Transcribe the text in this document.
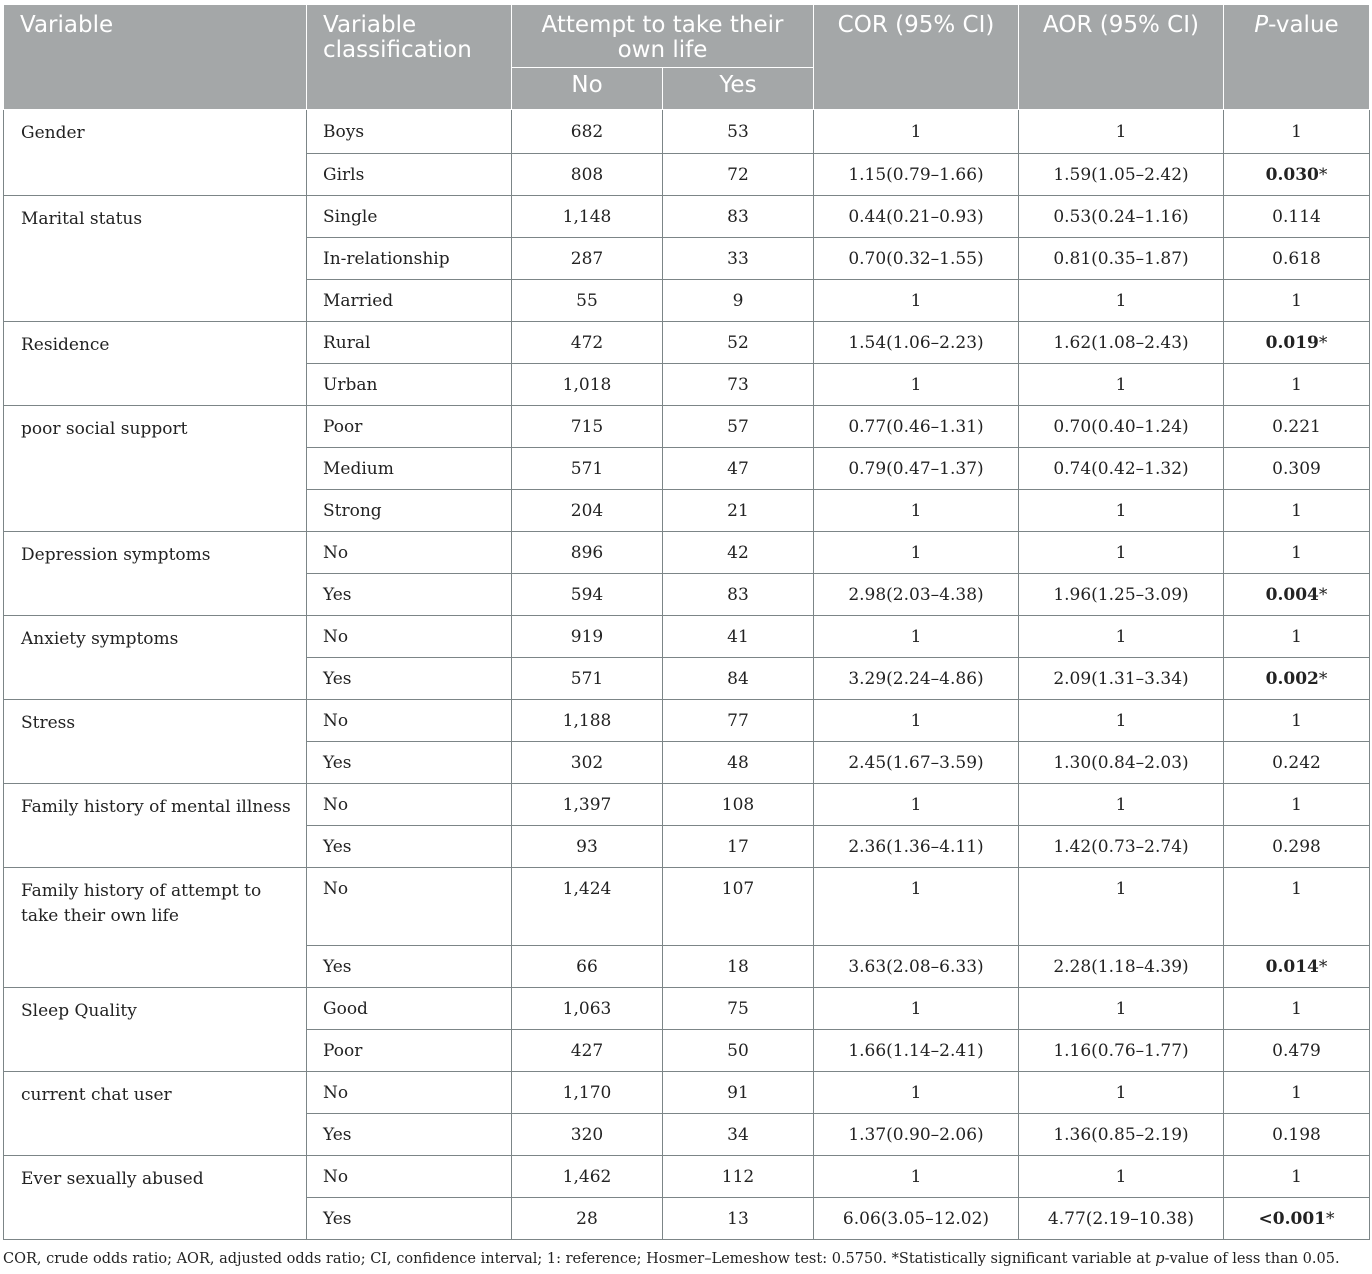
Variable	Variable classification	Attempt to take their own life		COR (95% CI)	AOR (95% CI)	P-value
		No	Yes			
Gender	Boys	682	53	1	1	1
	Girls	808	72	1.15(0.79–1.66)	1.59(1.05–2.42)	0.030*
Marital status	Single	1,148	83	0.44(0.21–0.93)	0.53(0.24–1.16)	0.114
	In-relationship	287	33	0.70(0.32–1.55)	0.81(0.35–1.87)	0.618
	Married	55	9	1	1	1
Residence	Rural	472	52	1.54(1.06–2.23)	1.62(1.08–2.43)	0.019*
	Urban	1,018	73	1	1	1
poor social support	Poor	715	57	0.77(0.46–1.31)	0.70(0.40–1.24)	0.221
	Medium	571	47	0.79(0.47–1.37)	0.74(0.42–1.32)	0.309
	Strong	204	21	1	1	1
Depression symptoms	No	896	42	1	1	1
	Yes	594	83	2.98(2.03–4.38)	1.96(1.25–3.09)	0.004*
Anxiety symptoms	No	919	41	1	1	1
	Yes	571	84	3.29(2.24–4.86)	2.09(1.31–3.34)	0.002*
Stress	No	1,188	77	1	1	1
	Yes	302	48	2.45(1.67–3.59)	1.30(0.84–2.03)	0.242
Family history of mental illness	No	1,397	108	1	1	1
	Yes	93	17	2.36(1.36–4.11)	1.42(0.73–2.74)	0.298
Family history of attempt to take their own life	No	1,424	107	1	1	1
	Yes	66	18	3.63(2.08–6.33)	2.28(1.18–4.39)	0.014*
Sleep Quality	Good	1,063	75	1	1	1
	Poor	427	50	1.66(1.14–2.41)	1.16(0.76–1.77)	0.479
current chat user	No	1,170	91	1	1	1
	Yes	320	34	1.37(0.90–2.06)	1.36(0.85–2.19)	0.198
Ever sexually abused	No	1,462	112	1	1	1
	Yes	28	13	6.06(3.05–12.02)	4.77(2.19–10.38)	<0.001*
COR, crude odds ratio; AOR, adjusted odds ratio; CI, confidence interval; 1: reference; Hosmer–Lemeshow test: 0.5750. *Statistically significant variable at p-value of less than 0.05.
